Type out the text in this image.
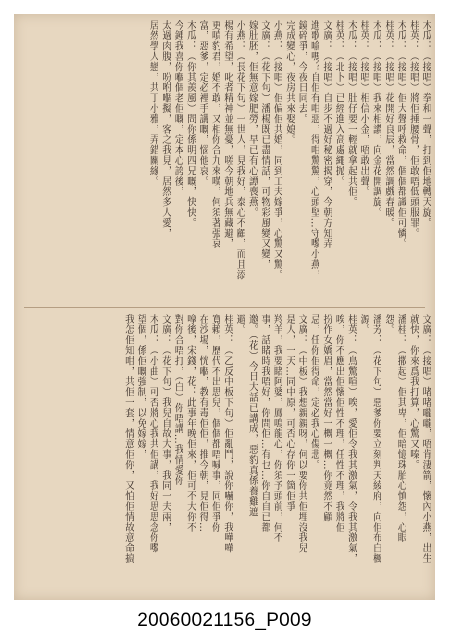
木瓜：（接唱）拳和一聲，打到佢地轉天旋。
桂英：（接唱）將佢捶腰骨，佢敢唔低頭服罪。
木瓜：（接唱）佢大聲呼救命，個個都識佢可憐。
桂英：（接唱）花開好良辰，當然調戲春暖。
木瓜：（接唱）我來相讚，向金花開調旋。
桂英：（接唱）相信小金，唔敢出聲。
木瓜：（接唱）肚仔要一輕就拿起共佢。
桂英：（北卜）已經進入高處繩抛。
文廣：（接唱）自步不過好秘密揭穿，今朝方知弄
進歌喻嗎？自佢有咁惡，得咁驚驚，心頭堅…守嚟小燕，
鏡碎爭，今夜日同去。
完成變心，夜房共來娶媳。
小燕：（接唱）佢偏佢共婚，同到工夫嫁爭，心驚又驚。
文廣：（花下句）潘楊既已盡情話，可物彩風變又變，
嫁肚胚，佢無意嫁肥勞，早已有心譚喪燕。
小燕：（長花下句）一世人，見我好，泰心不顧，而且添
楊有希望，叱者精神並無憂，嗟今朝地兵無藏避，
更嗔豹君，婚不敢，又相你合九來嘆，何須著張哀
富，惡爹，定必裡手講嘅，惱他哀。
木瓜：（你其羨風）問你係明四兄嘅，快快。
今鍾我喜你嗰個老佢嘅，定本心誇後，
太過肉腹，吩咐嗰擬，客之我見，居然多人愛，
居然學人戀，共丁小雅，弄錯關緣。
文廣：（接唱）啫啫嚨嚨，唔肯淒箭，懷內小燕，出生
就快，你來爲我打算，心驚又嗪。
潘桂：（撒起）佢其卑，佢暗憶珠胎心慎怨，心眼
怨。
潘芳：（花下句）惡爹你要立刻判天綾府，向佢布白楓
源。
桂英：（鳥驚喧）唉，愛佢令我其激氣，令我其激氣，
唉，你不應出佢懷佢性不理，任性不理，我將佢
扮作女嬌眉，當然當好一概一概…你竟然不顧
忌，任你佢得命，定必我心傷悲。
文廣：（中板）我想親親呀，何以要你共佢埋沒我兒
是人，一天…同中原，可否心存你一箇佢爭
羚羊，我要睹阿婆，鳳鳴龍心，你須予頭前，何不
事，話睹時我唔好，你問佢…有乜…你自自已都
邀。（花）今日大話已講成，惡豹真係養雞遮
避。
桂英：（乙反中板下句）佢亂鬥，說你嚇你，我嘩嘩
寬賴，歷代不出思兒，個個都唔喊事，同佢爭你
在沙場，恍嗰，教有毒佢佢，推今朝，見佢得…
嗱後，宋錢，花：此事年晚佢來，佢可不大你不
對你合唔打，（白）你唔講…我情愛你
文廣：（花下句）我兒自故大事，我同一夫兩，
木瓜：（小曲）可否將心我共佢講，我好思思念你嚟
望個，係佢嘅強制，以免嫁嫁，
我怎佢知咁，共佢一套，情意佢你，又怕佢情故意命搞
20060021156_P009
